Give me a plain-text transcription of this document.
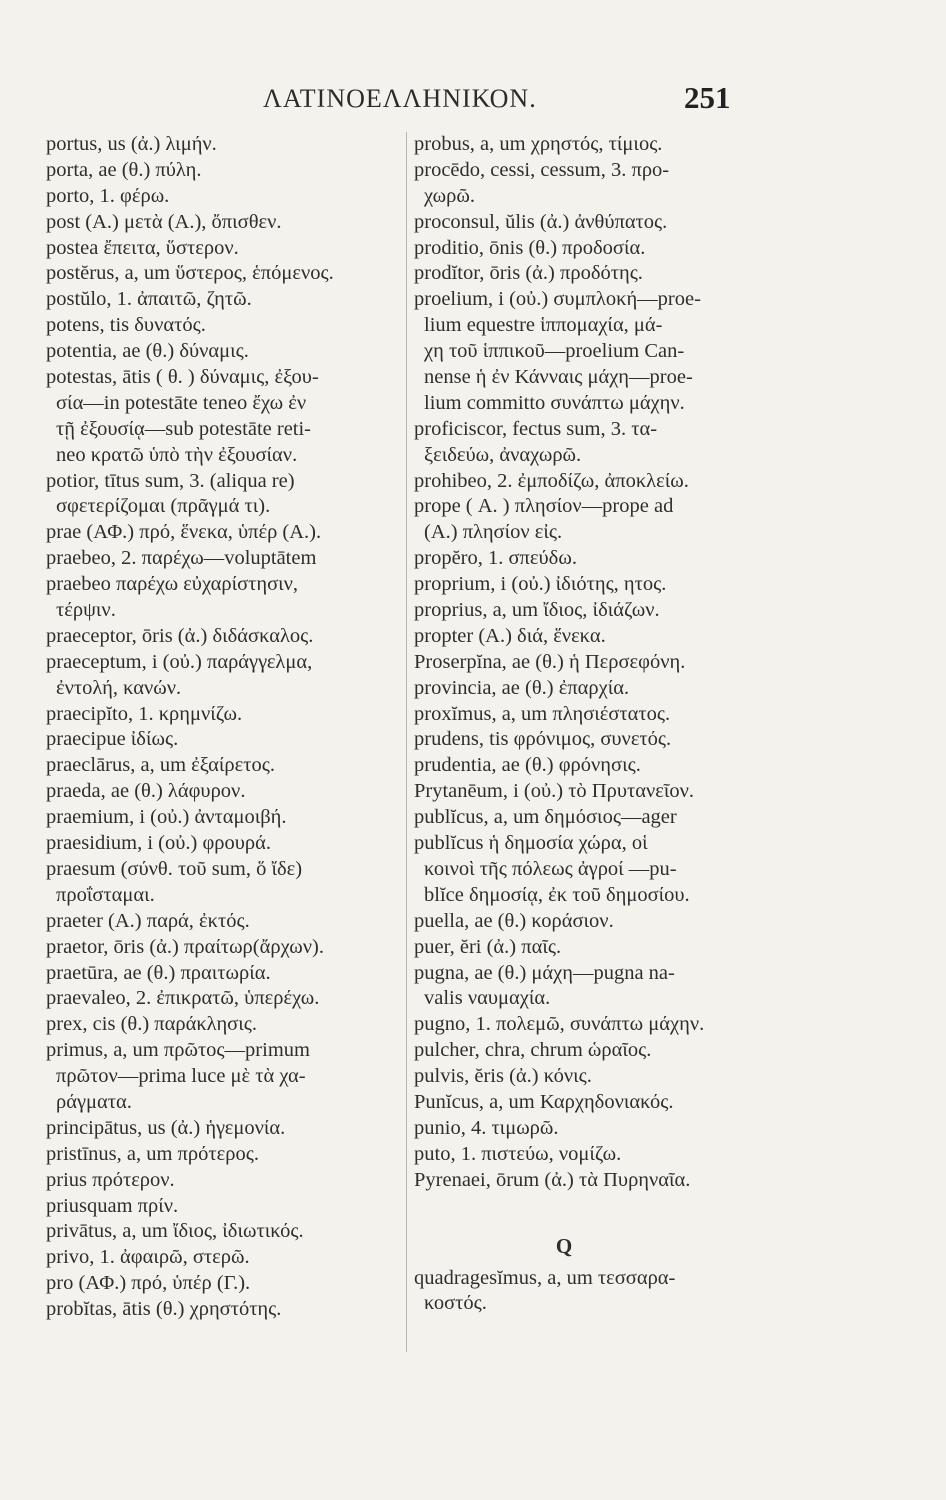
ΛΑΤΙΝΟΕΛΛΗΝΙΚΟΝ.	251
portus, us (ἀ.) λιμήν.
porta, ae (θ.) πύλη.
porto, 1. φέρω.
post (Α.) μετὰ (Α.), ὄπισθεν.
postea ἔπειτα, ὕστερον.
postĕrus, a, um ὕστερος, ἑπόμενος.
postŭlo, 1. ἀπαιτῶ, ζητῶ.
potens, tis δυνατός.
potentia, ae (θ.) δύναμις.
potestas, ātis ( θ. ) δύναμις, ἐξου-
σία—in potestāte teneo ἔχω ἐν
τῇ ἐξουσίᾳ—sub potestāte reti-
neo κρατῶ ὑπὸ τὴν ἐξουσίαν.
potior, tītus sum, 3. (aliqua re)
σφετερίζομαι (πρᾶγμά τι).
prae (ΑΦ.) πρό, ἕνεκα, ὑπέρ (Α.).
praebeo, 2. παρέχω—voluptātem
praebeo παρέχω εὐχαρίστησιν,
τέρψιν.
praeceptor, ōris (ἀ.) διδάσκαλος.
praeceptum, i (οὐ.) παράγγελμα,
ἐντολή, κανών.
praecipĭto, 1. κρημνίζω.
praecipue ἰδίως.
praeclārus, a, um ἐξαίρετος.
praeda, ae (θ.) λάφυρον.
praemium, i (οὐ.) ἀνταμοιβή.
praesidium, i (οὐ.) φρουρά.
praesum (σύνθ. τοῦ sum, ὅ ἴδε)
προΐσταμαι.
praeter (Α.) παρά, ἐκτός.
praetor, ōris (ἀ.) πραίτωρ(ἄρχων).
praetūra, ae (θ.) πραιτωρία.
praevaleo, 2. ἐπικρατῶ, ὑπερέχω.
prex, cis (θ.) παράκλησις.
primus, a, um πρῶτος—primum
πρῶτον—prima luce μὲ τὰ χα-
ράγματα.
principātus, us (ἀ.) ἡγεμονία.
pristīnus, a, um πρότερος.
prius πρότερον.
priusquam πρίν.
privātus, a, um ἴδιος, ἰδιωτικός.
privo, 1. ἀφαιρῶ, στερῶ.
pro (ΑΦ.) πρό, ὑπέρ (Γ.).
probĭtas, ātis (θ.) χρηστότης.
probus, a, um χρηστός, τίμιος.
procēdo, cessi, cessum, 3. προ-
χωρῶ.
proconsul, ŭlis (ἀ.) ἀνθύπατος.
proditio, ōnis (θ.) προδοσία.
prodĭtor, ōris (ἀ.) προδότης.
proelium, i (οὐ.) συμπλοκή—proe-
lium equestre ἱππομαχία, μά-
χη τοῦ ἱππικοῦ—proelium Can-
nense ἡ ἐν Κάνναις μάχη—proe-
lium committo συνάπτω μάχην.
proficiscor, fectus sum, 3. τα-
ξειδεύω, ἀναχωρῶ.
prohibeo, 2. ἐμποδίζω, ἀποκλείω.
prope ( Α. ) πλησίον—prope ad
(Α.) πλησίον εἰς.
propĕro, 1. σπεύδω.
proprium, i (οὐ.) ἰδιότης, ητος.
proprius, a, um ἴδιος, ἰδιάζων.
propter (Α.) διά, ἕνεκα.
Proserpĭna, ae (θ.) ἡ Περσεφόνη.
provincia, ae (θ.) ἐπαρχία.
proxĭmus, a, um πλησιέστατος.
prudens, tis φρόνιμος, συνετός.
prudentia, ae (θ.) φρόνησις.
Prytanēum, i (οὐ.) τὸ Πρυτανεῖον.
publĭcus, a, um δημόσιος—ager
publĭcus ἡ δημοσία χώρα, οἱ
κοινοὶ τῆς πόλεως ἀγροί —pu-
blĭce δημοσίᾳ, ἐκ τοῦ δημοσίου.
puella, ae (θ.) κοράσιον.
puer, ĕri (ἀ.) παῖς.
pugna, ae (θ.) μάχη—pugna na-
valis ναυμαχία.
pugno, 1. πολεμῶ, συνάπτω μάχην.
pulcher, chra, chrum ὡραῖος.
pulvis, ĕris (ἀ.) κόνις.
Punĭcus, a, um Καρχηδονιακός.
punio, 4. τιμωρῶ.
puto, 1. πιστεύω, νομίζω.
Pyrenaei, ōrum (ἀ.) τὰ Πυρηναῖα.
Q
quadragesĭmus, a, um τεσσαρα-
κοστός.
